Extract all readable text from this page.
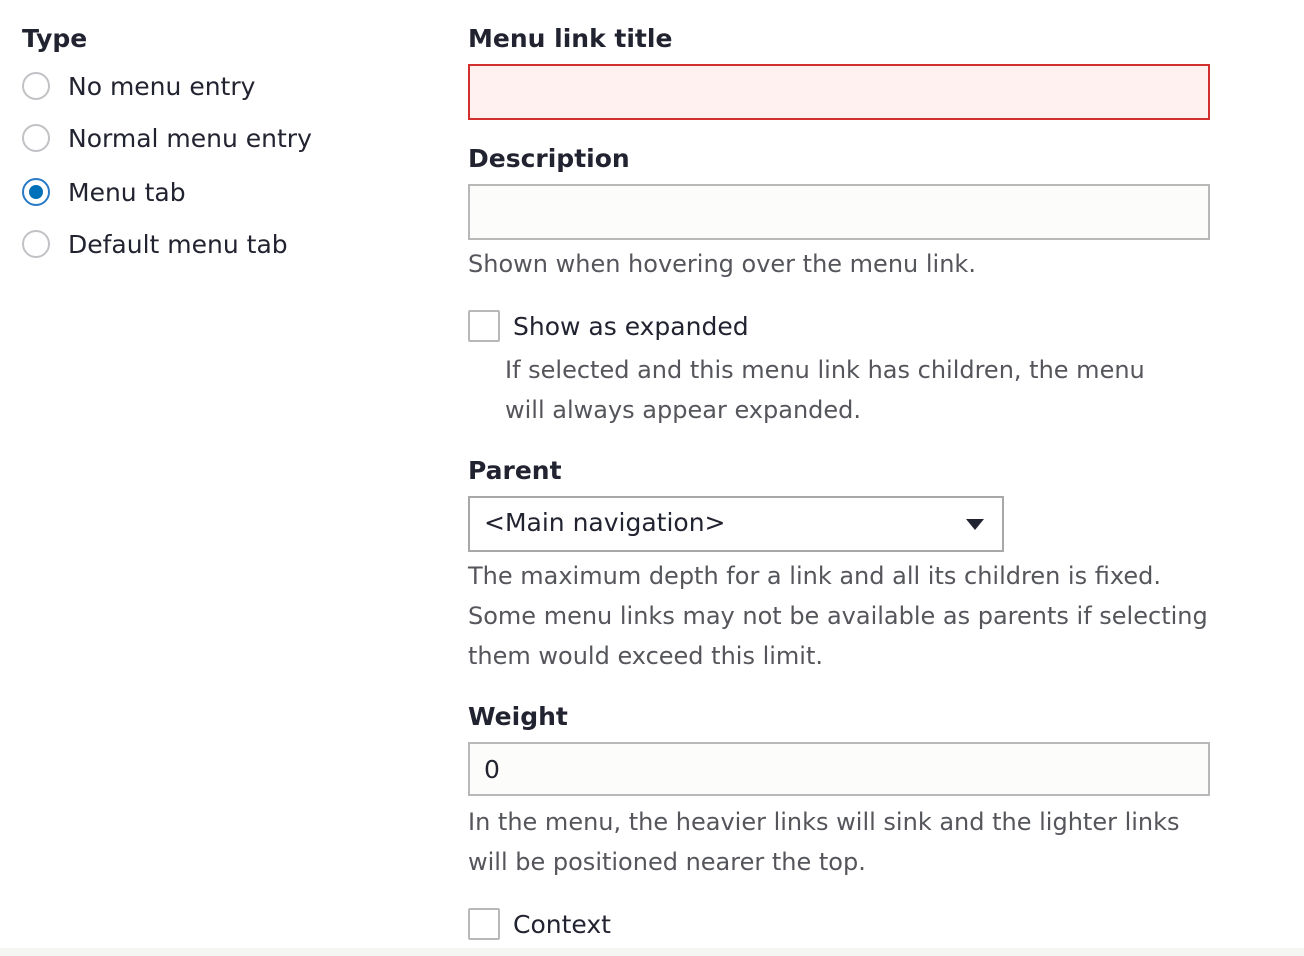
Type
No menu entry
Normal menu entry
Menu tab
Default menu tab
Menu link title
Description
Shown when hovering over the menu link.
Show as expanded
If selected and this menu link has children, the menu will always appear expanded.
Parent
<Main navigation>
The maximum depth for a link and all its children is fixed. Some menu links may not be available as parents if selecting them would exceed this limit.
Weight
0
In the menu, the heavier links will sink and the lighter links will be positioned nearer the top.
Context
